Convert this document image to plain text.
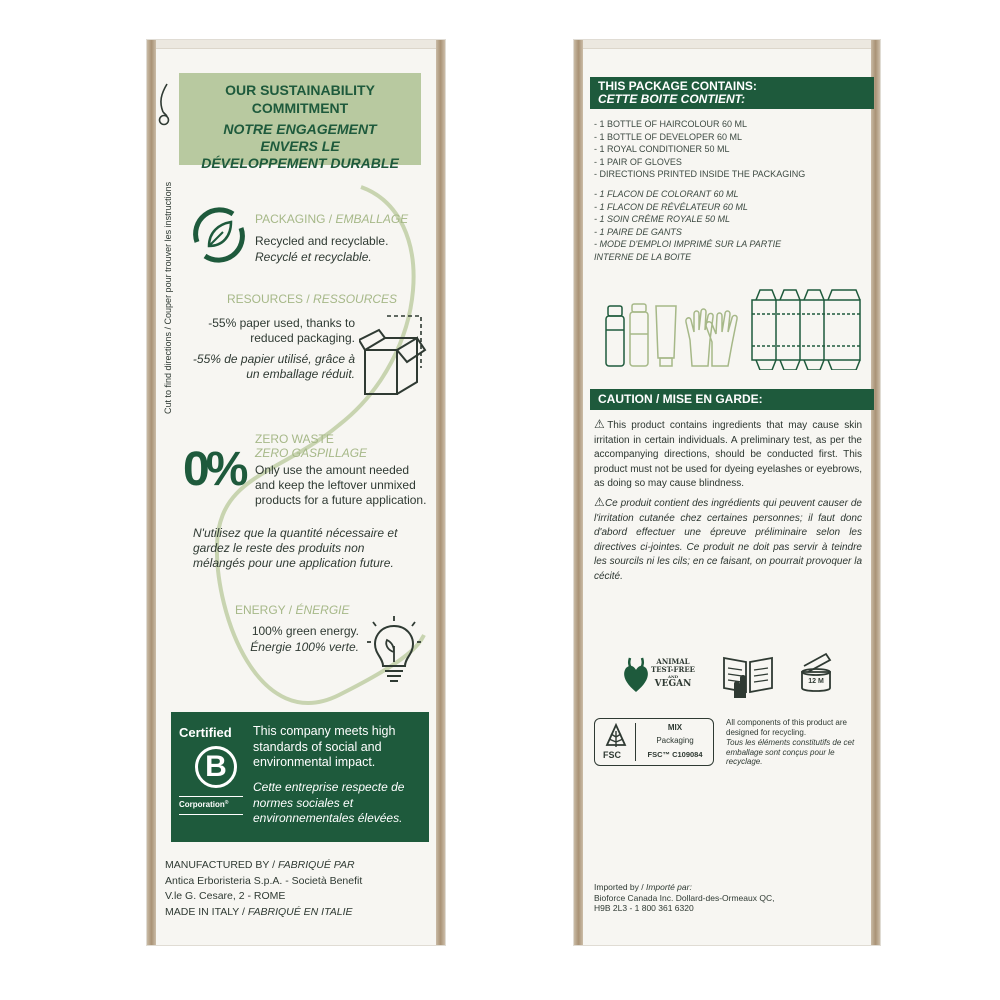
Cut to find directions / Couper pour trouver les instructions
OUR SUSTAINABILITY COMMITMENT
NOTRE ENGAGEMENT ENVERS LE DÉVELOPPEMENT DURABLE
PACKAGING / EMBALLAGE
Recycled and recyclable.
Recyclé et recyclable.
RESOURCES / RESSOURCES
-55% paper used, thanks to reduced packaging.
-55% de papier utilisé, grâce à un emballage réduit.
0%
ZERO WASTE
ZERO GASPILLAGE
Only use the amount needed and keep the leftover unmixed products for a future application.
N'utilisez que la quantité nécessaire et gardez le reste des produits non mélangés pour une application future.
ENERGY / ÉNERGIE
100% green energy.
Énergie 100% verte.
Certified
B
Corporation®
This company meets high standards of social and environmental impact.
Cette entreprise respecte de normes sociales et environnementales élevées.
MANUFACTURED BY / FABRIQUÉ PAR
Antica Erboristeria S.p.A. - Società Benefit
V.le G. Cesare, 2 - ROME
MADE IN ITALY / FABRIQUÉ EN ITALIE
THIS PACKAGE CONTAINS:
CETTE BOITE CONTIENT:
- 1 BOTTLE OF HAIRCOLOUR 60 ML
- 1 BOTTLE OF DEVELOPER 60 ML
- 1 ROYAL CONDITIONER 50 ML
- 1 PAIR OF GLOVES
- DIRECTIONS PRINTED INSIDE THE PACKAGING
- 1 FLACON DE COLORANT 60 ML
- 1 FLACON DE RÉVÉLATEUR 60 ML
- 1 SOIN CRÈME ROYALE 50 ML
- 1 PAIRE DE GANTS
- MODE D'EMPLOI IMPRIMÉ SUR LA PARTIE
INTERNE DE LA BOITE
CAUTION / MISE EN GARDE:
⚠This product contains ingredients that may cause skin irritation in certain individuals. A preliminary test, as per the accompanying directions, should be conducted first. This product must not be used for dyeing eyelashes or eyebrows, as doing so may cause blindness.
⚠Ce produit contient des ingrédients qui peuvent causer de l'irritation cutanée chez certaines personnes; il faut donc d'abord effectuer une épreuve préliminaire selon les directives ci-jointes. Ce produit ne doit pas servir à teindre les sourcils ni les cils; en ce faisant, on pourrait provoquer la cécité.
ANIMAL
TEST-FREE
AND
VEGAN	12 M
FSC
MIX
Packaging
FSC™ C109084
All components of this product are designed for recycling.
Tous les éléments constitutifs de cet emballage sont conçus pour le recyclage.
Imported by / Importé par:
Bioforce Canada Inc. Dollard-des-Ormeaux QC,
H9B 2L3 - 1 800 361 6320
